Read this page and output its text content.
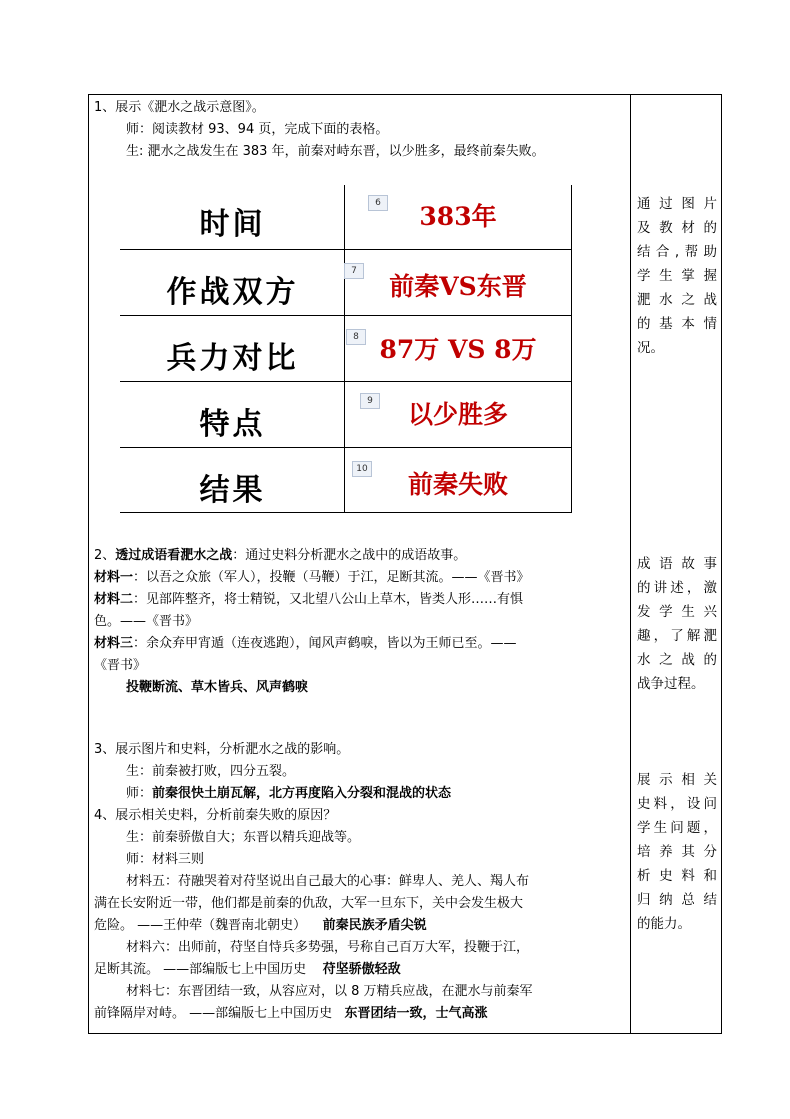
1、展示《淝水之战示意图》。
师：阅读教材 93、94 页，完成下面的表格。
生: 淝水之战发生在 383 年，前秦对峙东晋，以少胜多，最终前秦失败。
时间
作战双方
兵力对比
特点
结果
383年
前秦VS东晋
87万 VS 8万
以少胜多
前秦失败
6
7
8
9
10
2、透过成语看淝水之战：通过史料分析淝水之战中的成语故事。
材料一：以吾之众旅（军人），投鞭（马鞭）于江，足断其流。——《晋书》
材料二：见部阵整齐，将士精锐，又北望八公山上草木，皆类人形……有惧
色。——《晋书》
材料三：余众弃甲宵遁（连夜逃跑），闻风声鹤唳，皆以为王师已至。——
《晋书》
投鞭断流、草木皆兵、风声鹤唳
3、展示图片和史料，分析淝水之战的影响。
生：前秦被打败，四分五裂。
师：前秦很快土崩瓦解，北方再度陷入分裂和混战的状态
4、展示相关史料，分析前秦失败的原因？
生：前秦骄傲自大；东晋以精兵迎战等。
师：材料三则
材料五：苻融哭着对苻坚说出自己最大的心事：鲜卑人、羌人、羯人布
满在长安附近一带，他们都是前秦的仇敌，大军一旦东下，关中会发生极大
危险。 ——王仲荦（魏晋南北朝史） 前秦民族矛盾尖锐
材料六：出师前，苻坚自恃兵多势强，号称自己百万大军，投鞭于江，
足断其流。 ——部编版七上中国历史 苻坚骄傲轻敌
材料七：东晋团结一致，从容应对，以 8 万精兵应战，在淝水与前秦军
前锋隔岸对峙。 ——部编版七上中国历史 东晋团结一致，士气高涨
通过图片
及教材的
结合,帮助
学生掌握
淝水之战
的基本情
况。
成语故事
的讲述，激
发学生兴
趣，了解淝
水之战的
战争过程。
展示相关
史料，设问
学生问题，
培养其分
析史料和
归纳总结
的能力。
